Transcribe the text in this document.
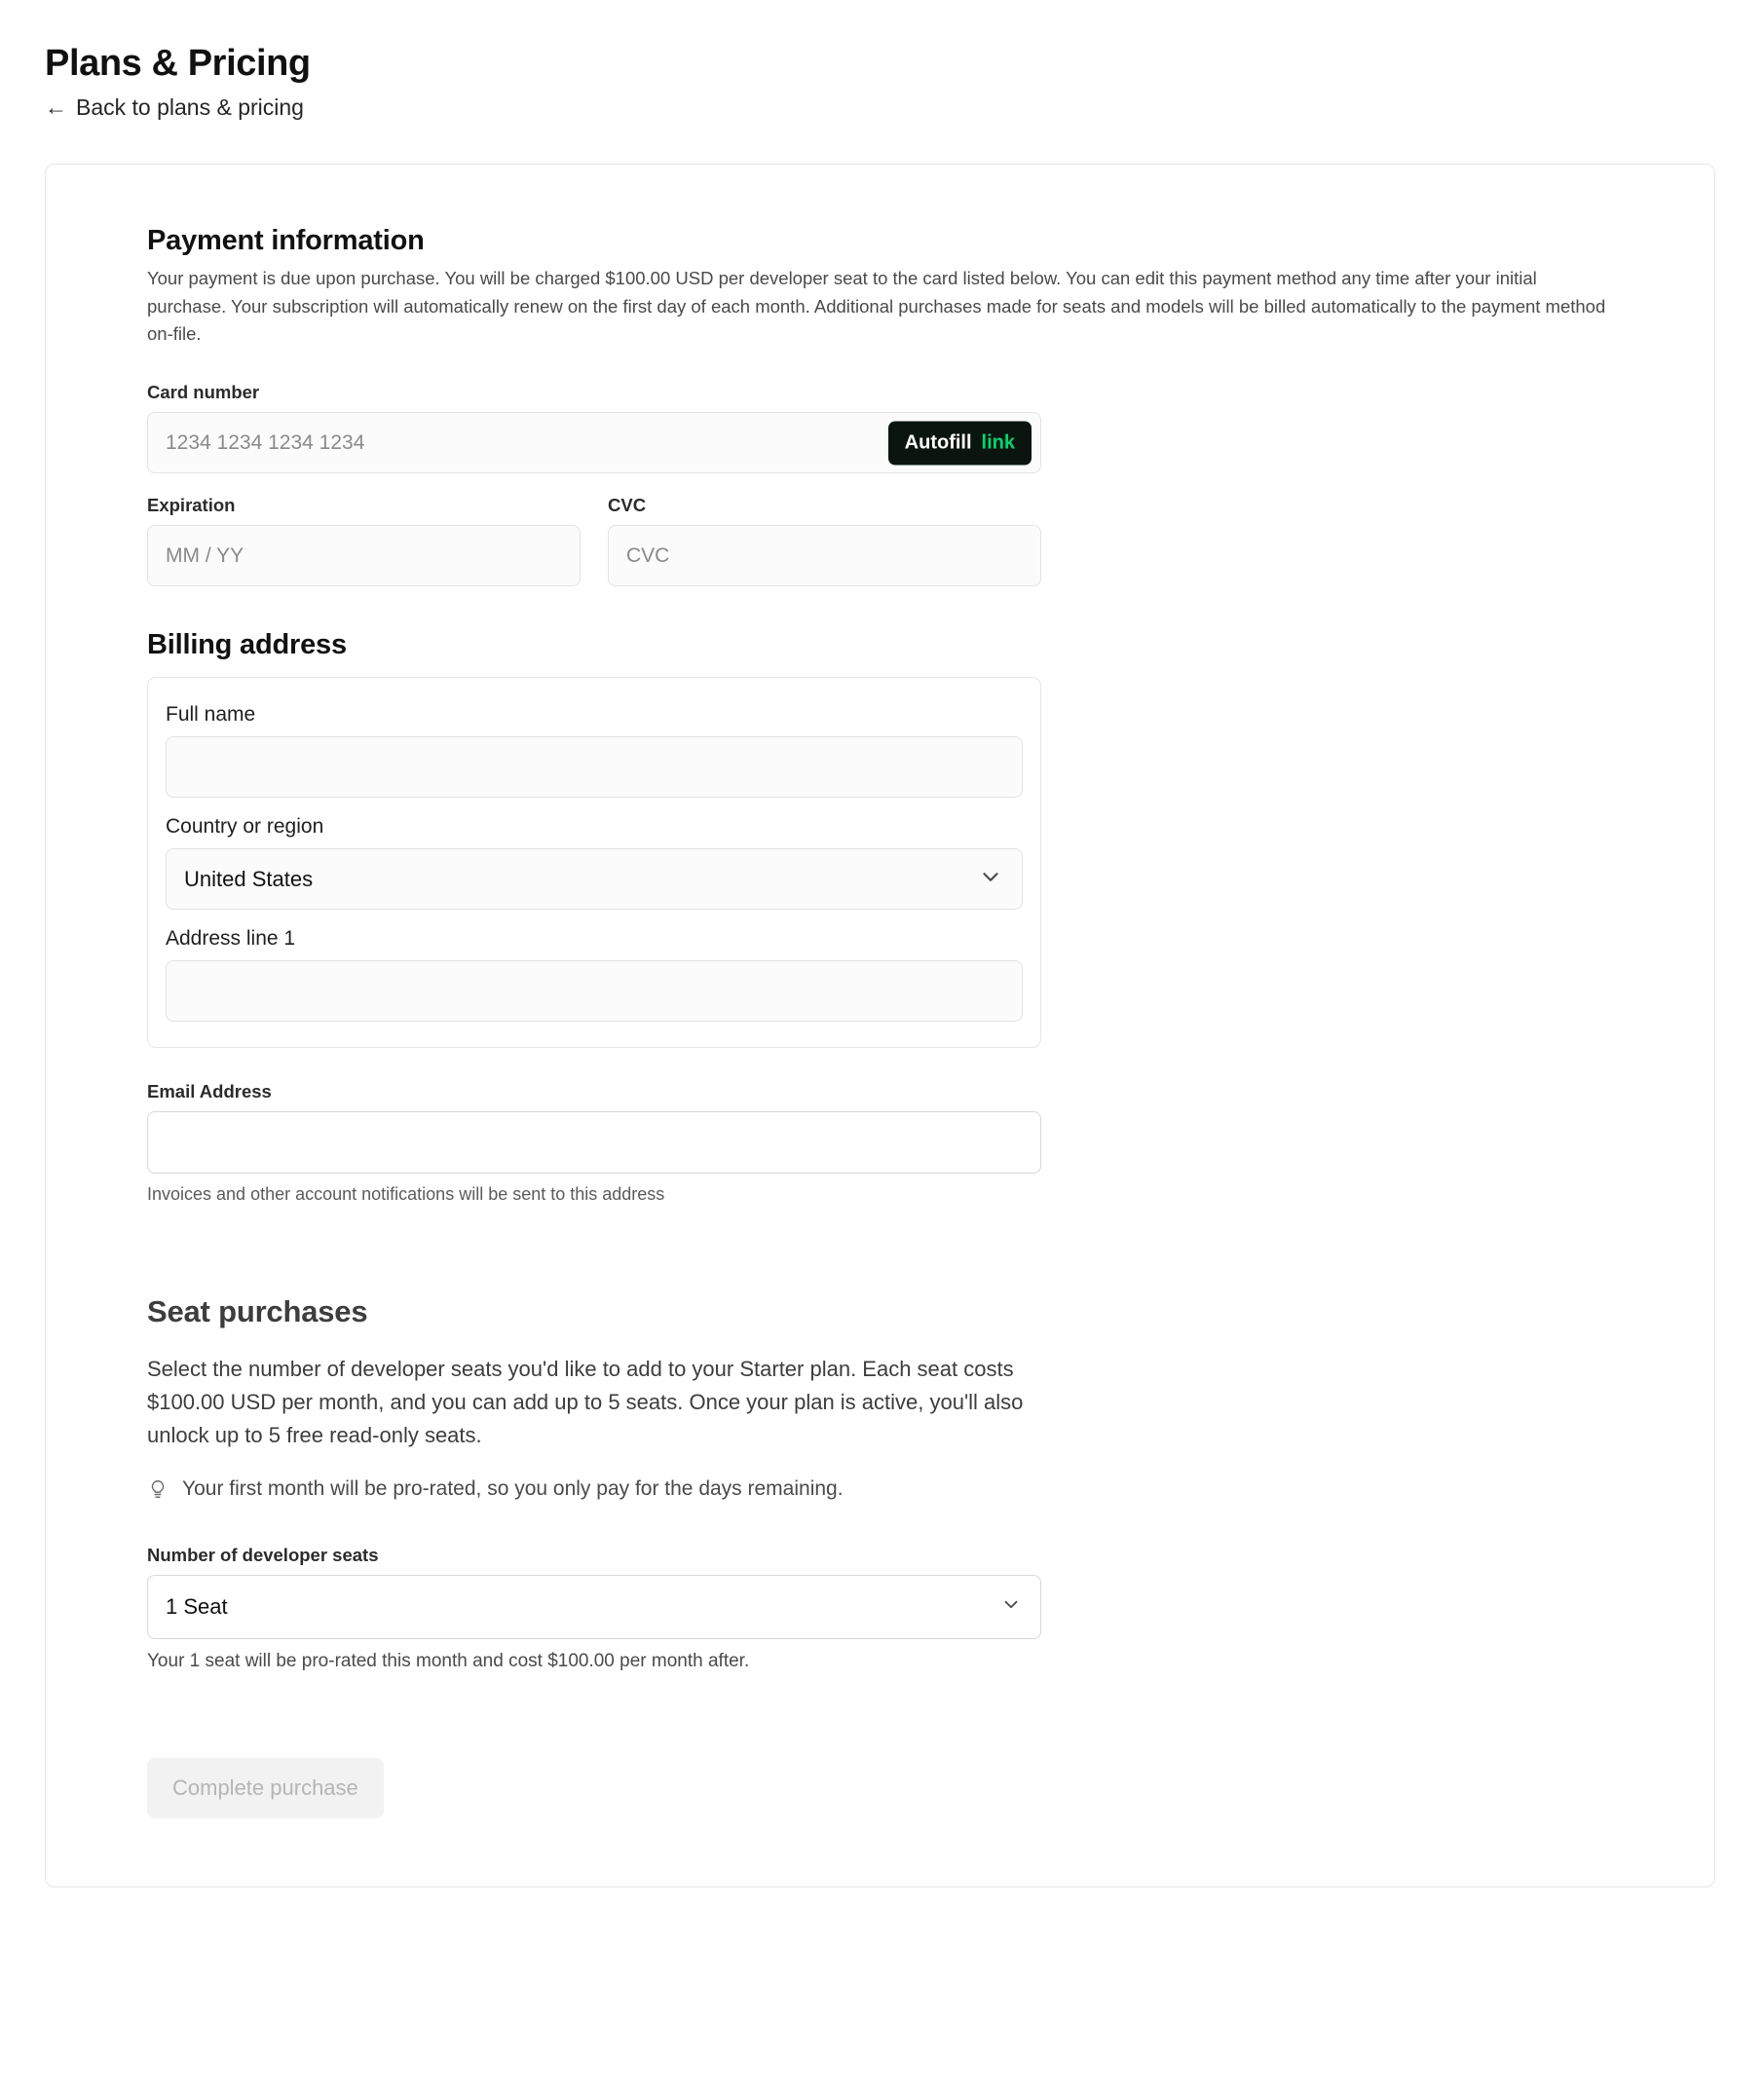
Plans & Pricing
← Back to plans & pricing
Payment information

Your payment is due upon purchase. You will be charged $100.00 USD per developer seat to the card listed below. You can edit this payment method any time after your initial purchase. Your subscription will automatically renew on the first day of each month. Additional purchases made for seats and models will be billed automatically to the payment method on-file.

Card number
1234 1234 1234 1234
Autofill link
Expiration
MM / YY	CVC
CVC
Billing address
Full name
Country or region
United States
Address line 1
Email Address
Invoices and other account notifications will be sent to this address
Seat purchases

Select the number of developer seats you'd like to add to your Starter plan. Each seat costs $100.00 USD per month, and you can add up to 5 seats. Once your plan is active, you'll also unlock up to 5 free read-only seats.

Your first month will be pro-rated, so you only pay for the days remaining.
Number of developer seats
1 Seat
Your 1 seat will be pro-rated this month and cost $100.00 per month after.
Complete purchase
